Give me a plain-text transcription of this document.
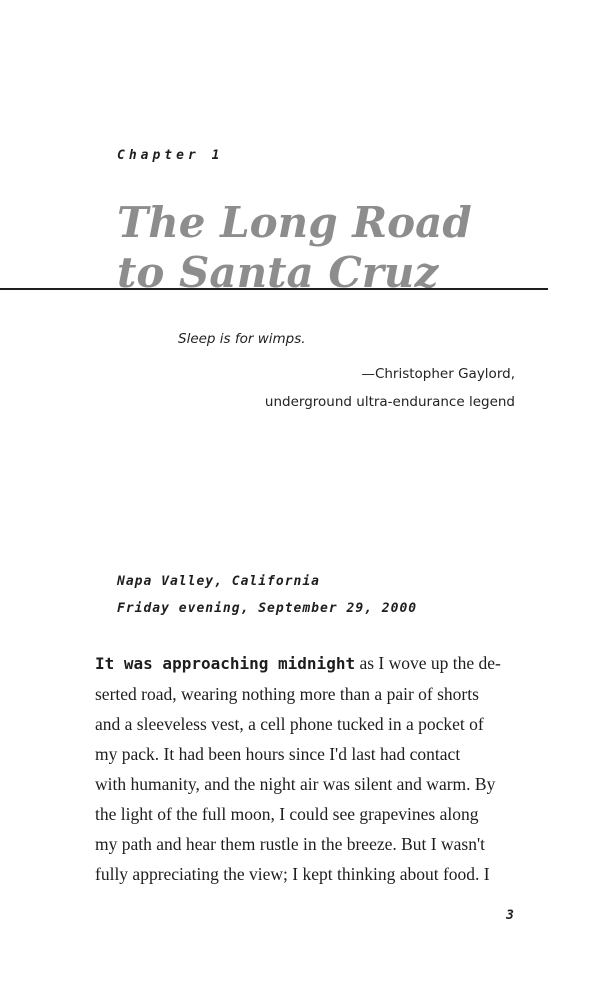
Chapter 1
The Long Road
to Santa Cruz
Sleep is for wimps.
—Christopher Gaylord,
underground ultra-endurance legend
Napa Valley, California
Friday evening, September 29, 2000

It was approaching midnight as I wove up the de-
serted road, wearing nothing more than a pair of shorts
and a sleeveless vest, a cell phone tucked in a pocket of
my pack. It had been hours since I'd last had contact
with humanity, and the night air was silent and warm. By
the light of the full moon, I could see grapevines along
my path and hear them rustle in the breeze. But I wasn't
fully appreciating the view; I kept thinking about food. I

3
